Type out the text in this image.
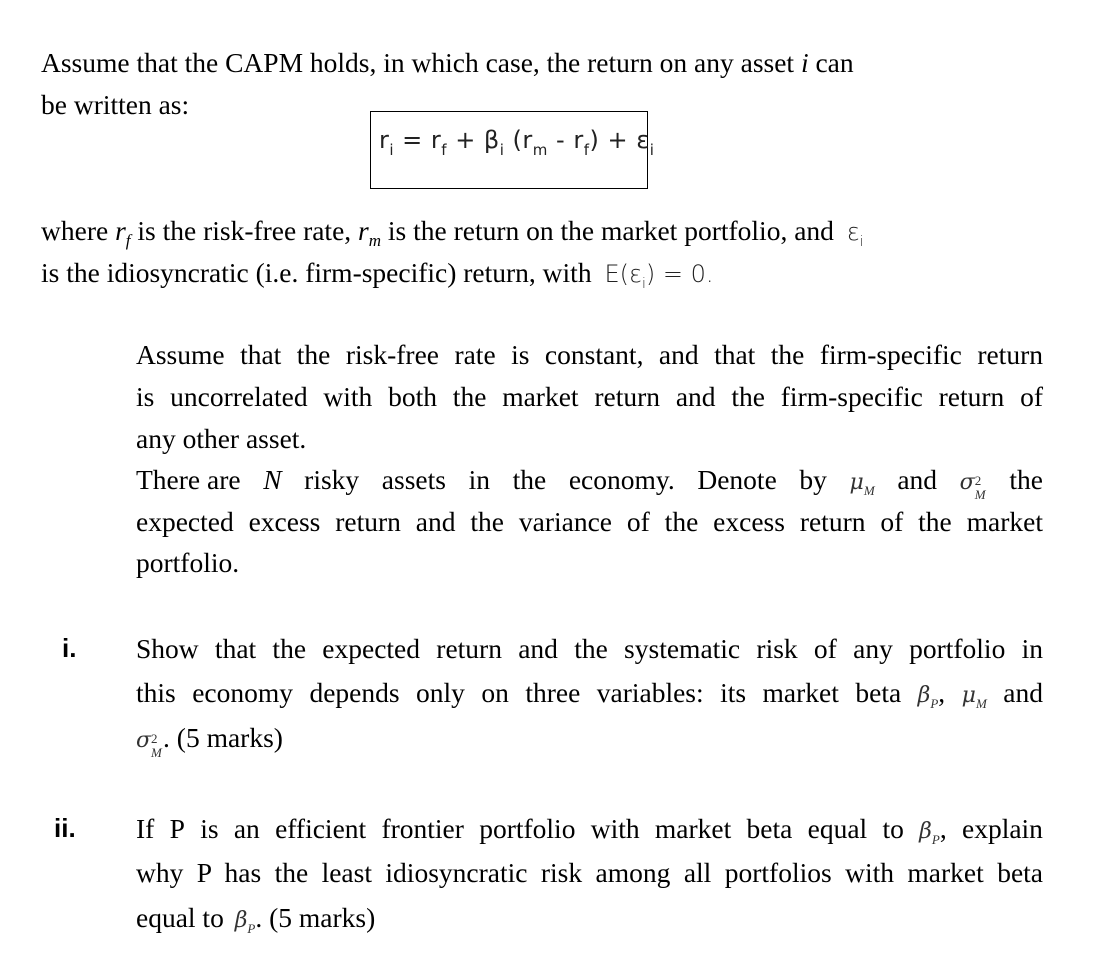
Assume that the CAPM holds, in which case, the return on any asset i can
be written as:
$r_i = r_f + \beta_i$ $(r_m - r_f) + \varepsilon_i$
where $r_f$ is the risk-free rate, $r_m$ is the return on the market portfolio, and $\varepsilon_i$
is the idiosyncratic (i.e. firm-specific) return, with $E(\varepsilon_i) = 0$.
Assume that the risk-free rate is constant, and that the firm-specific return
is uncorrelated with both the market return and the firm-specific return of
any other asset.
There are N risky assets in the economy. Denote by $\mu_M$ and σ 2
M the
expected excess return and the variance of the excess return of the market
portfolio.
i. Show that the expected return and the systematic risk of any portfolio in
this economy depends only on three variables: its market beta $\beta_P$, $\mu_M$ and
σ 2
M . (5 marks)
ii. If P is an efficient frontier portfolio with market beta equal to $\beta_P$, explain
why P has the least idiosyncratic risk among all portfolios with market beta
equal to $\beta_P$. (5 marks)
